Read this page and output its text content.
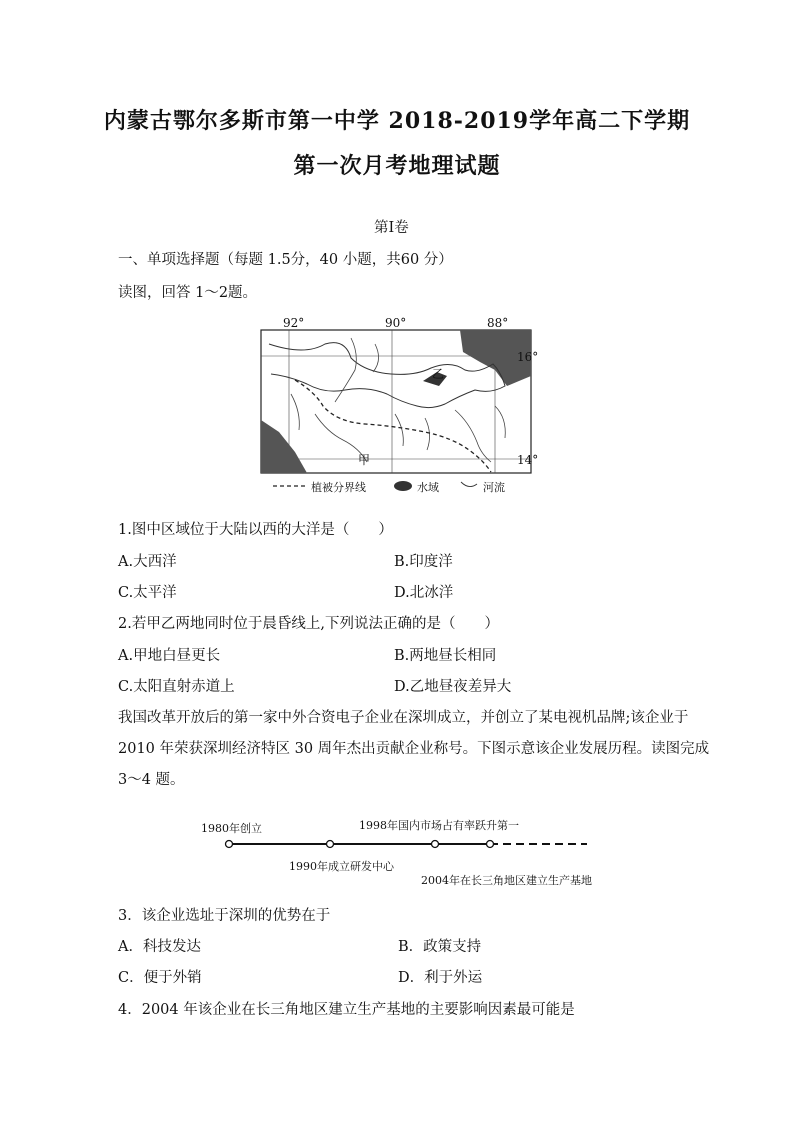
内蒙古鄂尔多斯市第一中学 2018-2019学年高二下学期
第一次月考地理试题
第Ⅰ卷
一、单项选择题（每题 1.5分，40 小题，共60 分）
读图，回答 1～2题。
92°	90°	88°
16°
14°
乙
甲
植被分界线	水域	河流
1.图中区域位于大陆以西的大洋是（　　）
A.大西洋	B.印度洋
C.太平洋	D.北冰洋
2.若甲乙两地同时位于晨昏线上,下列说法正确的是（　　）
A.甲地白昼更长	B.两地昼长相同
C.太阳直射赤道上	D.乙地昼夜差异大
我国改革开放后的第一家中外合资电子企业在深圳成立，并创立了某电视机品牌;该企业于
2010 年荣获深圳经济特区 30 周年杰出贡献企业称号。下图示意该企业发展历程。读图完成
3～4 题。
1980年创立
1990年成立研发中心
1998年国内市场占有率跃升第一
2004年在长三角地区建立生产基地
3．该企业选址于深圳的优势在于
A．科技发达	B．政策支持
C．便于外销	D．利于外运
4．2004 年该企业在长三角地区建立生产基地的主要影响因素最可能是
